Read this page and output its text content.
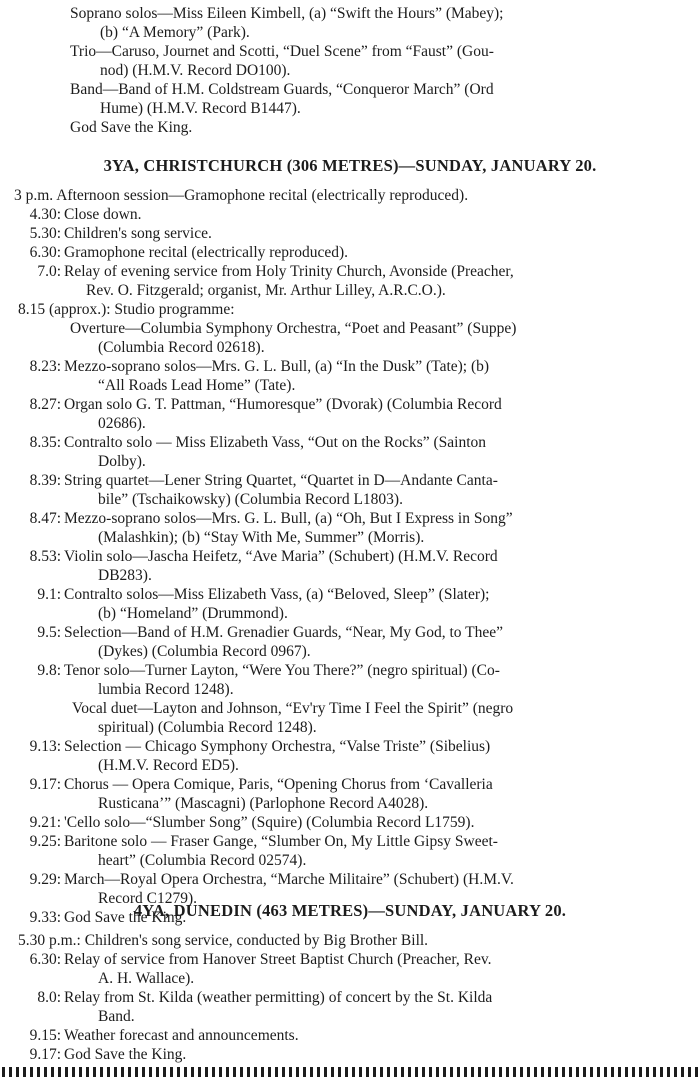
Soprano solos—Miss Eileen Kimbell, (a) “Swift the Hours” (Mabey);
(b) “A Memory” (Park).
Trio—Caruso, Journet and Scotti, “Duel Scene” from “Faust” (Gou-
nod) (H.M.V. Record DO100).
Band—Band of H.M. Coldstream Guards, “Conqueror March” (Ord
Hume) (H.M.V. Record B1447).
God Save the King.
3YA, CHRISTCHURCH (306 METRES)—SUNDAY, JANUARY 20.
3 p.m. Afternoon session—Gramophone recital (electrically reproduced).
4.30: Close down.
5.30: Children's song service.
6.30: Gramophone recital (electrically reproduced).
7.0: Relay of evening service from Holy Trinity Church, Avonside (Preacher,
Rev. O. Fitzgerald; organist, Mr. Arthur Lilley, A.R.C.O.).
8.15 (approx.): Studio programme:
Overture—Columbia Symphony Orchestra, “Poet and Peasant” (Suppe)
(Columbia Record 02618).
8.23: Mezzo-soprano solos—Mrs. G. L. Bull, (a) “In the Dusk” (Tate); (b)
“All Roads Lead Home” (Tate).
8.27: Organ solo G. T. Pattman, “Humoresque” (Dvorak) (Columbia Record
02686).
8.35: Contralto solo — Miss Elizabeth Vass, “Out on the Rocks” (Sainton
Dolby).
8.39: String quartet—Lener String Quartet, “Quartet in D—Andante Canta-
bile” (Tschaikowsky) (Columbia Record L1803).
8.47: Mezzo-soprano solos—Mrs. G. L. Bull, (a) “Oh, But I Express in Song”
(Malashkin); (b) “Stay With Me, Summer” (Morris).
8.53: Violin solo—Jascha Heifetz, “Ave Maria” (Schubert) (H.M.V. Record
DB283).
9.1: Contralto solos—Miss Elizabeth Vass, (a) “Beloved, Sleep” (Slater);
(b) “Homeland” (Drummond).
9.5: Selection—Band of H.M. Grenadier Guards, “Near, My God, to Thee”
(Dykes) (Columbia Record 0967).
9.8: Tenor solo—Turner Layton, “Were You There?” (negro spiritual) (Co-
lumbia Record 1248).
Vocal duet—Layton and Johnson, “Ev'ry Time I Feel the Spirit” (negro
spiritual) (Columbia Record 1248).
9.13: Selection — Chicago Symphony Orchestra, “Valse Triste” (Sibelius)
(H.M.V. Record ED5).
9.17: Chorus — Opera Comique, Paris, “Opening Chorus from ‘Cavalleria
Rusticana’” (Mascagni) (Parlophone Record A4028).
9.21: 'Cello solo—“Slumber Song” (Squire) (Columbia Record L1759).
9.25: Baritone solo — Fraser Gange, “Slumber On, My Little Gipsy Sweet-
heart” (Columbia Record 02574).
9.29: March—Royal Opera Orchestra, “Marche Militaire” (Schubert) (H.M.V.
Record C1279).
9.33: God Save the King.
4YA, DUNEDIN (463 METRES)—SUNDAY, JANUARY 20.
5.30 p.m.: Children's song service, conducted by Big Brother Bill.
6.30: Relay of service from Hanover Street Baptist Church (Preacher, Rev.
A. H. Wallace).
8.0: Relay from St. Kilda (weather permitting) of concert by the St. Kilda
Band.
9.15: Weather forecast and announcements.
9.17: God Save the King.
